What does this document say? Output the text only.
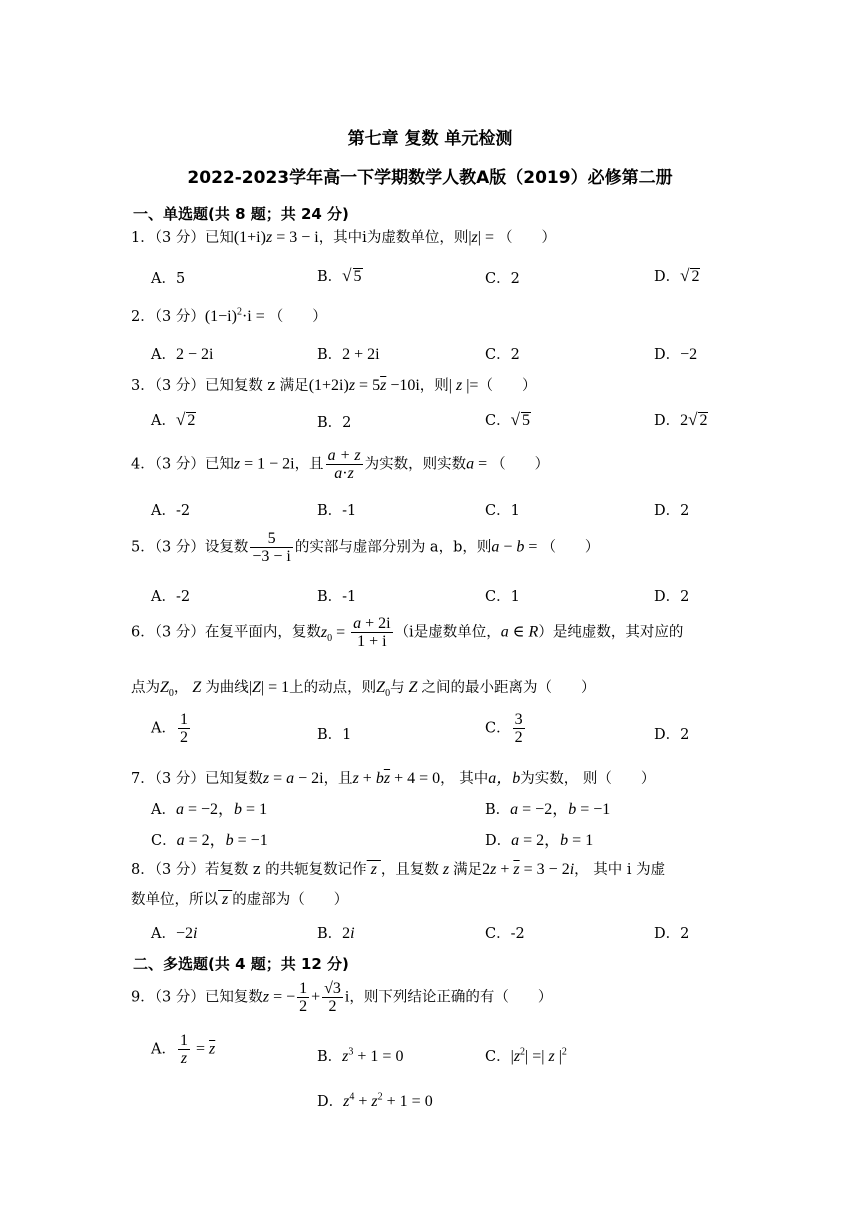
第七章 复数 单元检测
2022-2023学年高一下学期数学人教A版（2019）必修第二册
一、单选题(共 8 题；共 24 分)
1．（3 分）已知(1+i)z = 3 − i，其中i为虚数单位，则|z| = （　　）
A．5	B．√ 5	C．2	D．√ 2
2．（3 分）$(1-i)^2\cdot i$ = （　　）
A．2 − 2i	B．2 + 2i	C．2	D．−2
3．（3 分）已知复数 z 满足$(1+2i)z = 5\overline{z} -10i$，则| z |=（　　）
A．√ 2	B．2	C．√ 5	D．2√ 2
4．（3 分）已知z = 1 − 2i，且 $\frac{a + z}{a\cdot\overline{z}}$ 为实数，则实数a = （　　）
A．-2	B．-1	C．1	D．2
5．（3 分）设复数 $\frac{5}{-3 - i}$ 的实部与虚部分别为 a，b，则a − b = （　　）
A．-2	B．-1	C．1	D．2
6．（3 分）在复平面内，复数$z_0 = \frac{a + 2i}{1 + i} (i$是虚数单位，a ∈ R）是纯虚数，其对应的
点为$Z_0$， Z 为曲线|Z| = 1上的动点，则$Z_0$与 Z 之间的最小距离为（　　）
A． $\frac{1}{2}$	B．1	C． $\frac{3}{2}$	D．2
7．（3 分）已知复数z = a − 2i，且$z + b\overline{z} + 4 = 0$， 其中a，b为实数， 则（　　）
A．a = −2，b = 1	B．a = −2，b = −1
C．a = 2，b = −1	D．a = 2，b = 1
8．（3 分）若复数 z 的共轭复数记作 z ，且复数 z 满足$2z + \overline{z} = 3 - 2i$， 其中 i 为虚
数单位，所以 z 的虚部为（　　）
A．−2i	B．2i	C．-2	D．2
二、多选题(共 4 题；共 12 分)
9．（3 分）已知复数z = − $\frac{1}{2} + \frac{√3}{2}$ i，则下列结论正确的有（　　）
A． $\frac{1}{z} = \overline{z}$	B．$z^3 + 1 = 0$	C．$|z^2|$ =| z $|^2$
D．$z^4 + z^2 + 1 = 0$
